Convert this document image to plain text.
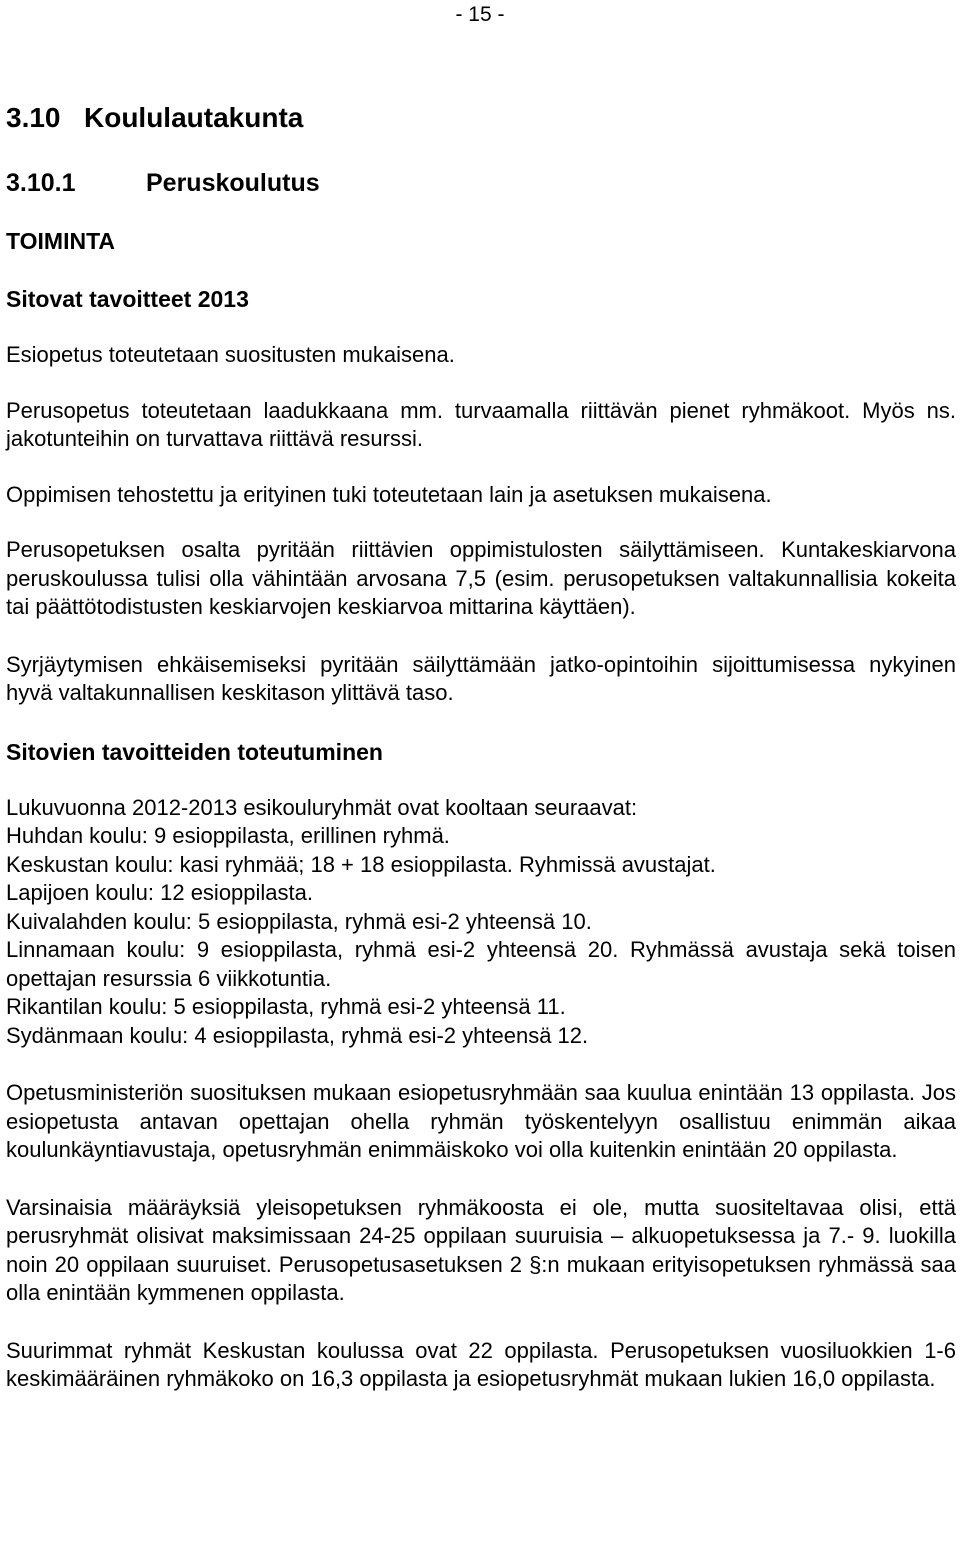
- 15 -
3.10 Koululautakunta
3.10.1	Peruskoulutus
TOIMINTA
Sitovat tavoitteet 2013

Esiopetus toteutetaan suositusten mukaisena.

Perusopetus toteutetaan laadukkaana mm. turvaamalla riittävän pienet ryhmäkoot. Myös ns. jakotunteihin on turvattava riittävä resurssi.

Oppimisen tehostettu ja erityinen tuki toteutetaan lain ja asetuksen mukaisena.

Perusopetuksen osalta pyritään riittävien oppimistulosten säilyttämiseen. Kuntakeskiarvona peruskoulussa tulisi olla vähintään arvosana 7,5 (esim. perusopetuksen valtakunnallisia kokeita tai päättötodistusten keskiarvojen keskiarvoa mittarina käyttäen).

Syrjäytymisen ehkäisemiseksi pyritään säilyttämään jatko-opintoihin sijoittumisessa nykyinen hyvä valtakunnallisen keskitason ylittävä taso.

Sitovien tavoitteiden toteutuminen
Lukuvuonna 2012-2013 esikouluryhmät ovat kooltaan seuraavat:
Huhdan koulu: 9 esioppilasta, erillinen ryhmä.
Keskustan koulu: kasi ryhmää; 18 + 18 esioppilasta. Ryhmissä avustajat.
Lapijoen koulu: 12 esioppilasta.
Kuivalahden koulu: 5 esioppilasta, ryhmä esi-2 yhteensä 10.
Linnamaan koulu: 9 esioppilasta, ryhmä esi-2 yhteensä 20. Ryhmässä avustaja sekä toisen opettajan resurssia 6 viikkotuntia.
Rikantilan koulu: 5 esioppilasta, ryhmä esi-2 yhteensä 11.
Sydänmaan koulu: 4 esioppilasta, ryhmä esi-2 yhteensä 12.

Opetusministeriön suosituksen mukaan esiopetusryhmään saa kuulua enintään 13 oppilasta. Jos esiopetusta antavan opettajan ohella ryhmän työskentelyyn osallistuu enimmän aikaa koulunkäyntiavustaja, opetusryhmän enimmäiskoko voi olla kuitenkin enintään 20 oppilasta.

Varsinaisia määräyksiä yleisopetuksen ryhmäkoosta ei ole, mutta suositeltavaa olisi, että perusryhmät olisivat maksimissaan 24-25 oppilaan suuruisia – alkuopetuksessa ja 7.- 9. luokilla noin 20 oppilaan suuruiset. Perusopetusasetuksen 2 §:n mukaan erityisopetuksen ryhmässä saa olla enintään kymmenen oppilasta.

Suurimmat ryhmät Keskustan koulussa ovat 22 oppilasta. Perusopetuksen vuosiluokkien 1-6 keskimääräinen ryhmäkoko on 16,3 oppilasta ja esiopetusryhmät mukaan lukien 16,0 oppilasta.
